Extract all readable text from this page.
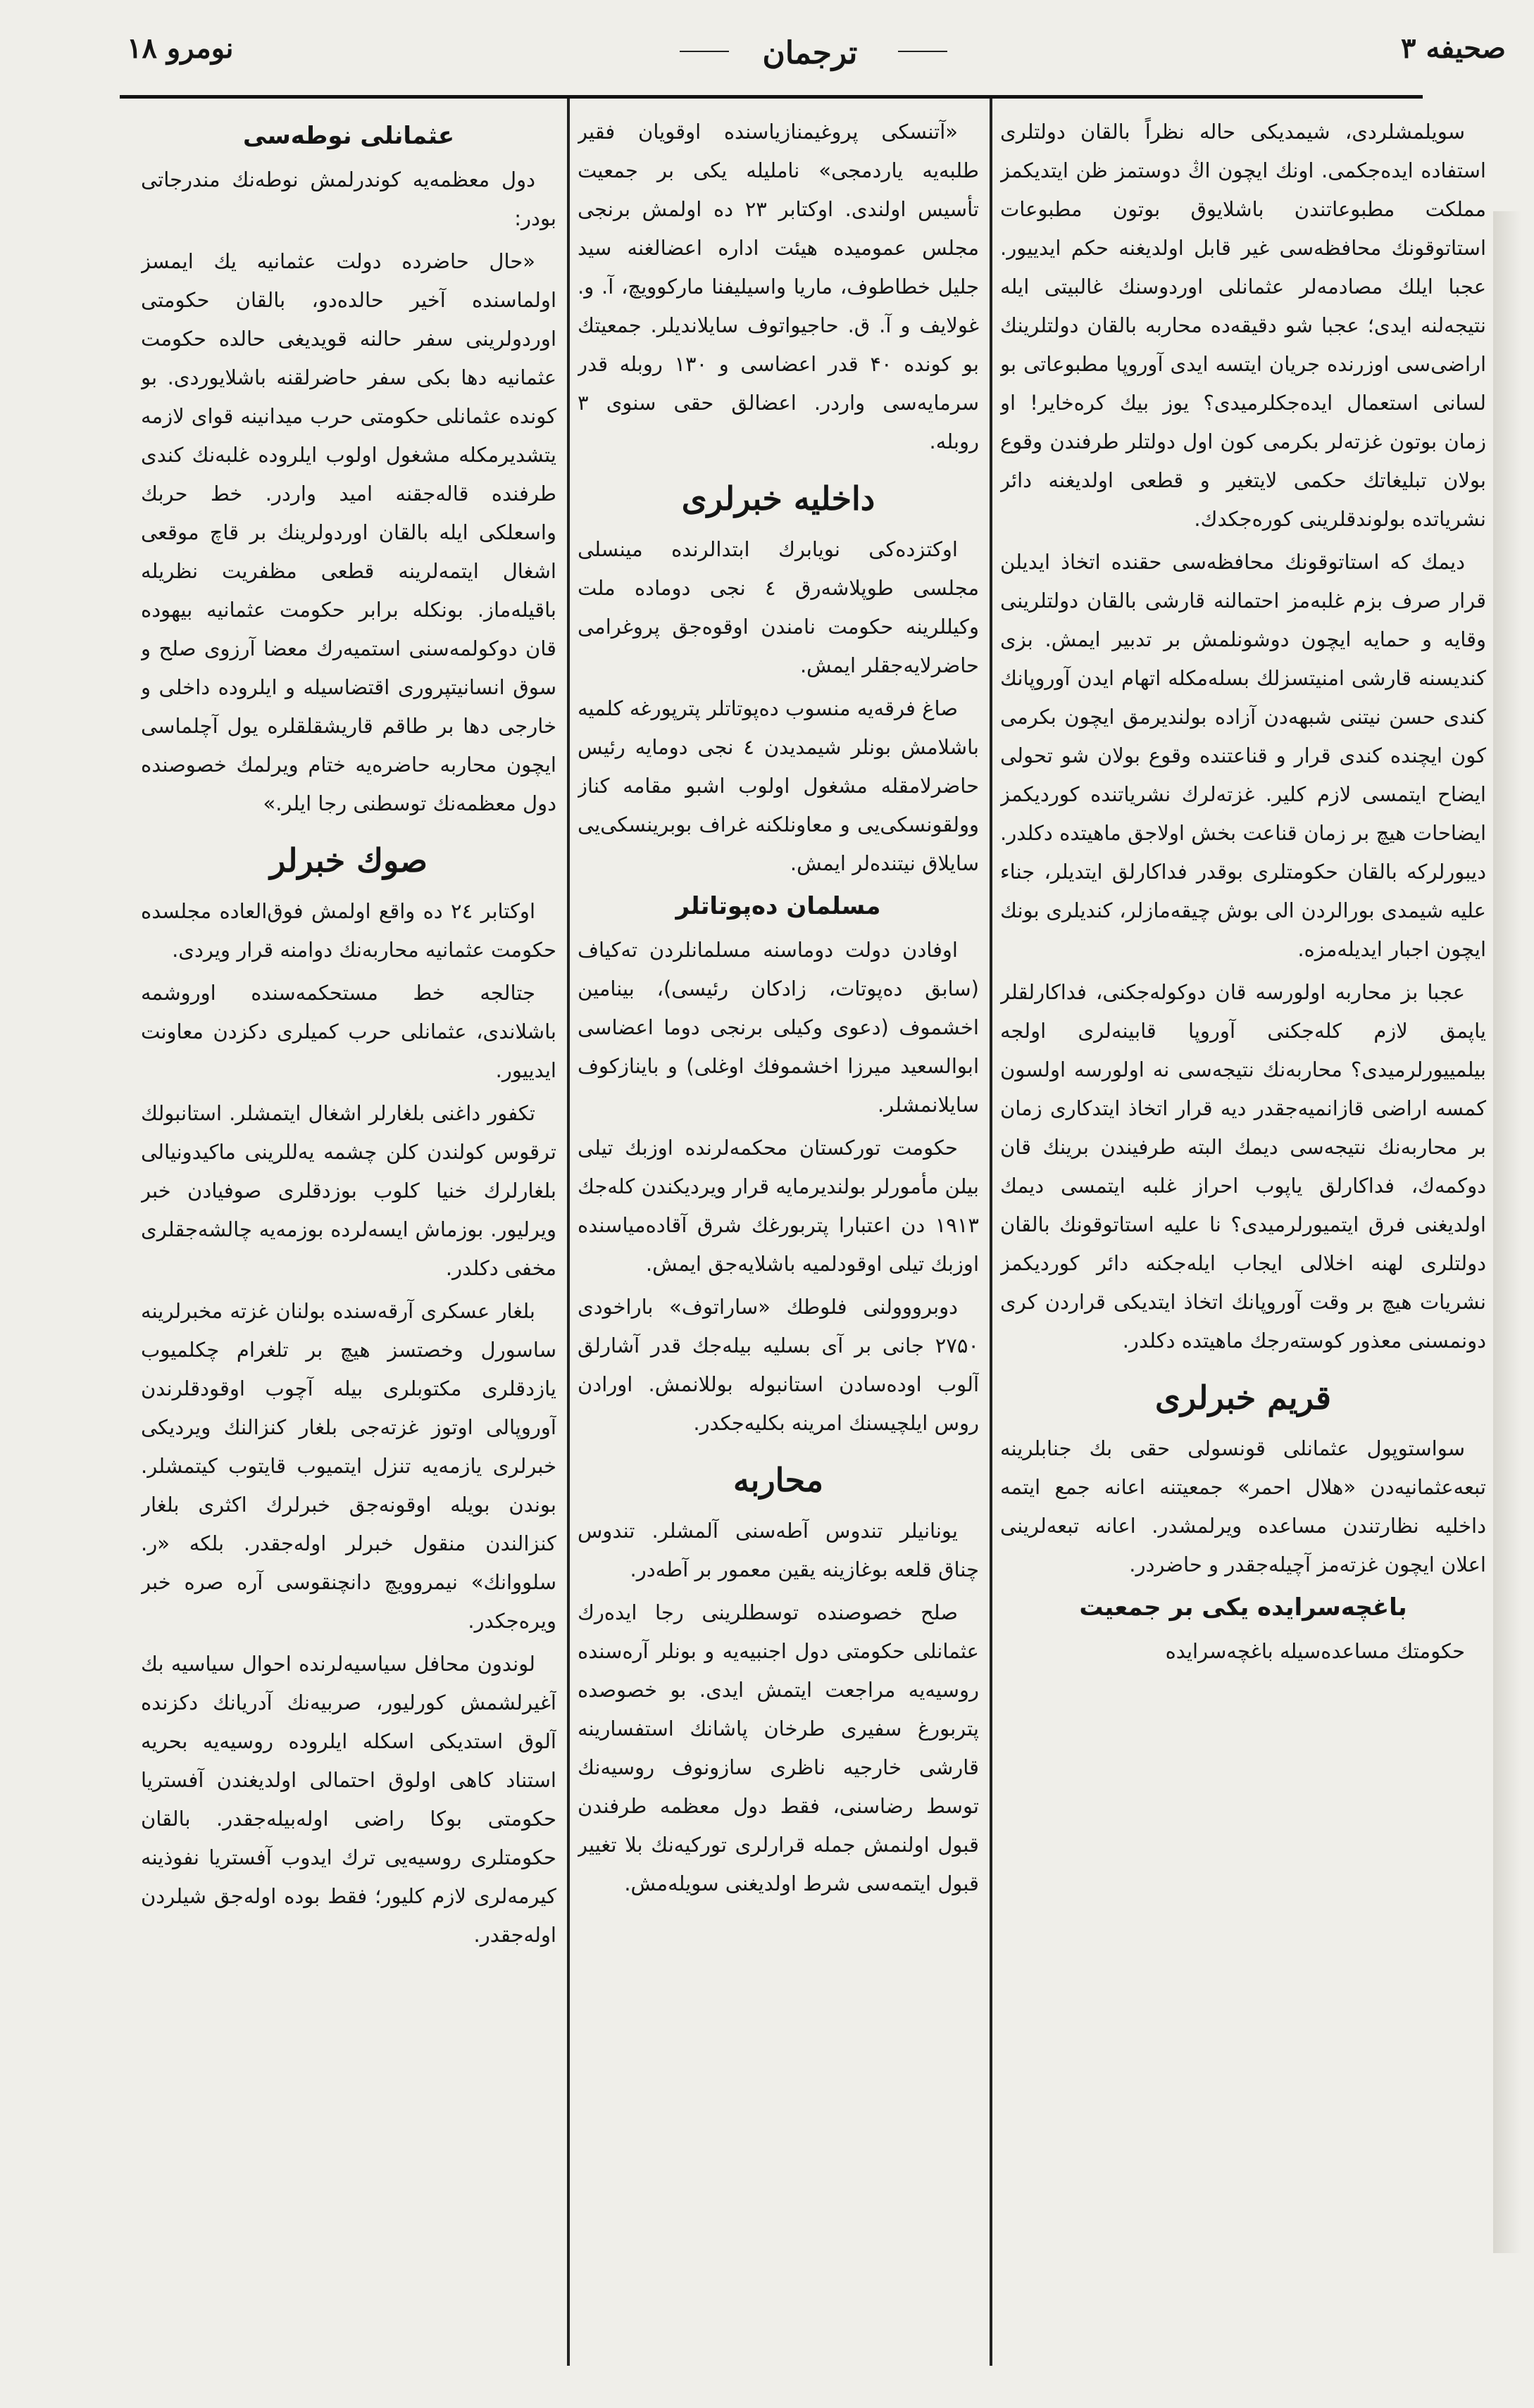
صحیفه ۳
ترجمان
نومرو ۱۸

سویلمشلردی، شیمدیکی حاله نظراً بالقان دولتلری استفاده ایدەجکمی. اونك ایچون اڭ دوستمز ظن ایتدیکمز مملکت مطبوعاتندن باشلایوق بوتون مطبوعات استاتوقونك محافظه‌سی غیر قابل اولدیغنه حکم ایدییور. عجبا ایلك مصادمەلر عثمانلی اوردوسنك غالبیتی ایله نتیجەلنه ایدی؛ عجبا شو دقیقەده محاربه بالقان دولتلرینك اراضی‌سی اوزرنده جریان ایتسه ایدی آوروپا مطبوعاتی بو لسانی استعمال ایدەجکلرمیدی؟ یوز بیك کرەخایر! او زمان بوتون غزتەلر بکرمی کون اول دولتلر طرفندن وقوع بولان تبلیغاتك حکمی لایتغیر و قطعی اولدیغنه دائر نشریاتده بولوندقلرینی کورەجکدك.

دیمك که استاتوقونك محافظه‌سی حقنده اتخاذ ایدیلن قرار صرف بزم غلبه‌مز احتمالنه قارشی بالقان دولتلرینی وقایه و حمایه ایچون دوشونلمش بر تدبیر ایمش. بزی کندیسنه قارشی امنیتسزلك بسلەمکله اتهام ایدن آوروپانك کندی حسن نیتنی شبهەدن آزاده بولندیرمق ایچون بکرمی کون ایچنده کندی قرار و قناعتنده وقوع بولان شو تحولی ایضاح ایتمسی لازم کلیر. غزتەلرك نشریاتنده کوردیکمز ایضاحات هیچ بر زمان قناعت بخش اولاجق ماهیتده دکلدر. دیبورلرکه بالقان حکومتلری بوقدر فداکارلق ایتدیلر، جناء علیه شیمدی بورالردن الی بوش چیقەمازلر، کندیلری بونك ایچون اجبار ایدیله‌مزه.

عجبا بز محاربه اولورسه قان دوکولەجکنی، فداکارلقلر یاپمق لازم کلەجکنی آوروپا قابینەلری اولجه بیلمییورلرمیدی؟ محاربەنك نتیجه‌سی نه اولورسه اولسون کمسه اراضی قازانمیەجقدر دیه قرار اتخاذ ایتدکاری زمان بر محاربەنك نتیجه‌سی دیمك البته طرفیندن برینك قان دوکمەك، فداکارلق یاپوب احراز غلبه ایتمسی دیمك اولدیغنی فرق ایتمیورلرمیدی؟ نا علیه استاتوقونك بالقان دولتلری لهنه اخلالی ایجاب ایلەجکنه دائر کوردیکمز نشریات هیچ بر وقت آوروپانك اتخاذ ایتدیکی قراردن کری دونمسنی معذور کوستەرجك ماهیتده دکلدر.

قریم خبرلری

سواستوپول عثمانلی قونسولی حقی بك جنابلرینه تبعه‌عثمانیه‌دن «هلال احمر» جمعیتنه اعانه جمع ایتمه داخلیه نظارتندن مساعده ویرلمشدر. اعانه تبعه‌لرینی اعلان ایچون غزتەمز آچیلەجقدر و حاضردر.

باغچەسرایده یکی بر جمعیت

حکومتك مساعدەسیله باغچەسرایده

«آتنسکی پروغیمنازیاسنده اوقویان فقیر طلبه‌یه یاردمجی» ناملیله یکی بر جمعیت تأسیس اولندی. اوکتابر ۲۳ ده اولمش برنجی مجلس عمومیده هیئت اداره اعضالغنه سید جلیل خطاطوف، ماریا واسیلیفنا مارکوویچ، آ. و. غولایف و آ. ق. حاجیواتوف سایلاندیلر. جمعیتك بو کونده ۴۰ قدر اعضاسی و ۱۳۰ روبله قدر سرمایه‌سی واردر. اعضالق حقی سنوی ۳ روبله.

داخلیه خبرلری

اوکتزدەکی نویابرك ابتدالرنده مینسلی مجلسی طوپلاشەرق ٤ نجی دوماده ملت وکیللرینه حکومت نامندن اوقوەجق پروغرامی حاضرلایه‌جقلر ایمش.

صاغ فرقەیه منسوب دەپوتاتلر پترپورغه کلمیه باشلامش بونلر شیمدیدن ٤ نجی دومایه رئیس حاضرلامقله مشغول اولوب اشبو مقامه کناز وولقونسکی‌یی و معاونلکنه غراف بوبرینسکی‌یی سایلاق نیتنده‌لر ایمش.

مسلمان دەپوتاتلر

اوفادن دولت دوماسنه مسلمانلردن تەکیاف (سابق دەپوتات، زادکان رئیسی)، بینامین اخشموف (دعوی وکیلی برنجی دوما اعضاسی ابوالسعید میرزا اخشموفك اوغلی) و باینازکوف سایلانمشلر.

حکومت توركستان محکمەلرنده اوزبك تیلی بیلن مأمورلر بولندیرمایه قرار ویردیکندن کلەجك ۱۹۱۳ دن اعتبارا پتربورغك شرق آقادەمیاسنده اوزبك تیلی اوقودلمیه باشلایەجق ایمش.

دوبرووولنی فلوطك «ساراتوف» باراخودی ۲۷۵۰ جانی بر آی بسلیه بیلەجك قدر آشارلق آلوب اودەسادن استانبوله بوللانمش. اورادن روس ایلچیسنك امرینه بکلیه‌جکدر.

محاربه

یونانیلر تندوس آطەسنی آلمشلر. تندوس چناق قلعه بوغازینه یقین معمور بر آطەدر.

صلح خصوصنده توسطلرینی رجا ایدەرك عثمانلی حکومتی دول اجنبیه‌یه و بونلر آرەسنده روسیه‌یه مراجعت ایتمش ایدی. بو خصوصده پتربورغ سفیری طرخان پاشانك استفسارینه قارشی خارجیه ناظری سازونوف روسیەنك توسط رضاسنی، فقط دول معظمه طرفندن قبول اولنمش جمله قرارلری تورکیەنك بلا تغییر قبول ایتمه‌سی شرط اولدیغنی سویلەمش.

عثمانلی نوطه‌سی

دول معظمه‌یه کوندرلمش نوطه‌نك مندرجاتی بودر:

«حال حاضرده دولت عثمانیه یك ایمسز اولماسنده آخیر حالده‌دو، بالقان حکومتی اوردولرینی سفر حالنه قویدیغی حالده حکومت عثمانیه دها بکی سفر حاضرلقنه باشلایوردی. بو کونده عثمانلی حکومتی حرب میدانینه قوای لازمه یتشدیرمکله مشغول اولوب ایلروده غلبه‌نك کندی طرفنده قالەجقنه امید واردر. خط حربك واسعلکی ایله بالقان اوردولرینك بر قاچ موقعی اشغال ایتمەلرینه قطعی مظفریت نظریله باقیلەماز. بونکله برابر حکومت عثمانیه بیهوده قان دوکولمه‌سنی استمیەرك معضا آرزوی صلح و سوق انسانیتپروری اقتضاسیله و ایلروده داخلی و خارجی دها بر طاقم قاریشقلقلره یول آچلماسی ایچون محاربه حاضره‌یه ختام ویرلمك خصوصنده دول معظمەنك توسطنی رجا ایلر.»

صوك خبرلر

اوکتابر ۲٤ ده واقع اولمش فوق‌العاده مجلسده حکومت عثمانیه محاربەنك دوامنه قرار ویردی.

جتالجه خط مستحکمه‌سنده اوروشمه باشلاندی، عثمانلی حرب کمیلری دکزدن معاونت ایدییور.

تکفور داغنی بلغارلر اشغال ایتمشلر. استانبولك ترقوس کولندن کلن چشمه یه‌للرینی ماکیدونیالی بلغارلرك خنیا کلوب بوزدقلری صوفیادن خبر ویرلیور. بوزماش ایسەلرده بوزمه‌یه چالشەجقلری مخفی دکلدر.

بلغار عسکری آرقەسنده بولنان غزته مخبرلرینه ساسورل وخصتسز هیچ بر تلغرام چکلمیوب یازدقلری مکتوبلری بیله آچوب اوقودقلرندن آوروپالی اوتوز غزتەجی بلغار کنزالنك ویردیکی خبرلری یازمه‌یه تنزل ایتمیوب قایتوب کیتمشلر. بوندن بویله اوقونەجق خبرلرك اکثری بلغار کنزالندن منقول خبرلر اولەجقدر. بلکه «ر. سلووانك» نیمروویچ دانچنقوسی آره صره خبر ویره‌جکدر.

لوندون محافل سیاسیه‌لرنده احوال سیاسیه بك آغیرلشمش کورلیور، صربیه‌نك آدریانك دکزنده آلوق استدیکی اسکله ایلروده روسیه‌یه بحریه استناد کاهی اولوق احتمالی اولدیغندن آفستریا حکومتی بوکا راضی اوله‌بیلەجقدر. بالقان حکومتلری روسیه‌یی ترك ایدوب آفستریا نفوذینه کیرمەلری لازم کلیور؛ فقط بوده اوله‌جق شیلردن اولەجقدر.
